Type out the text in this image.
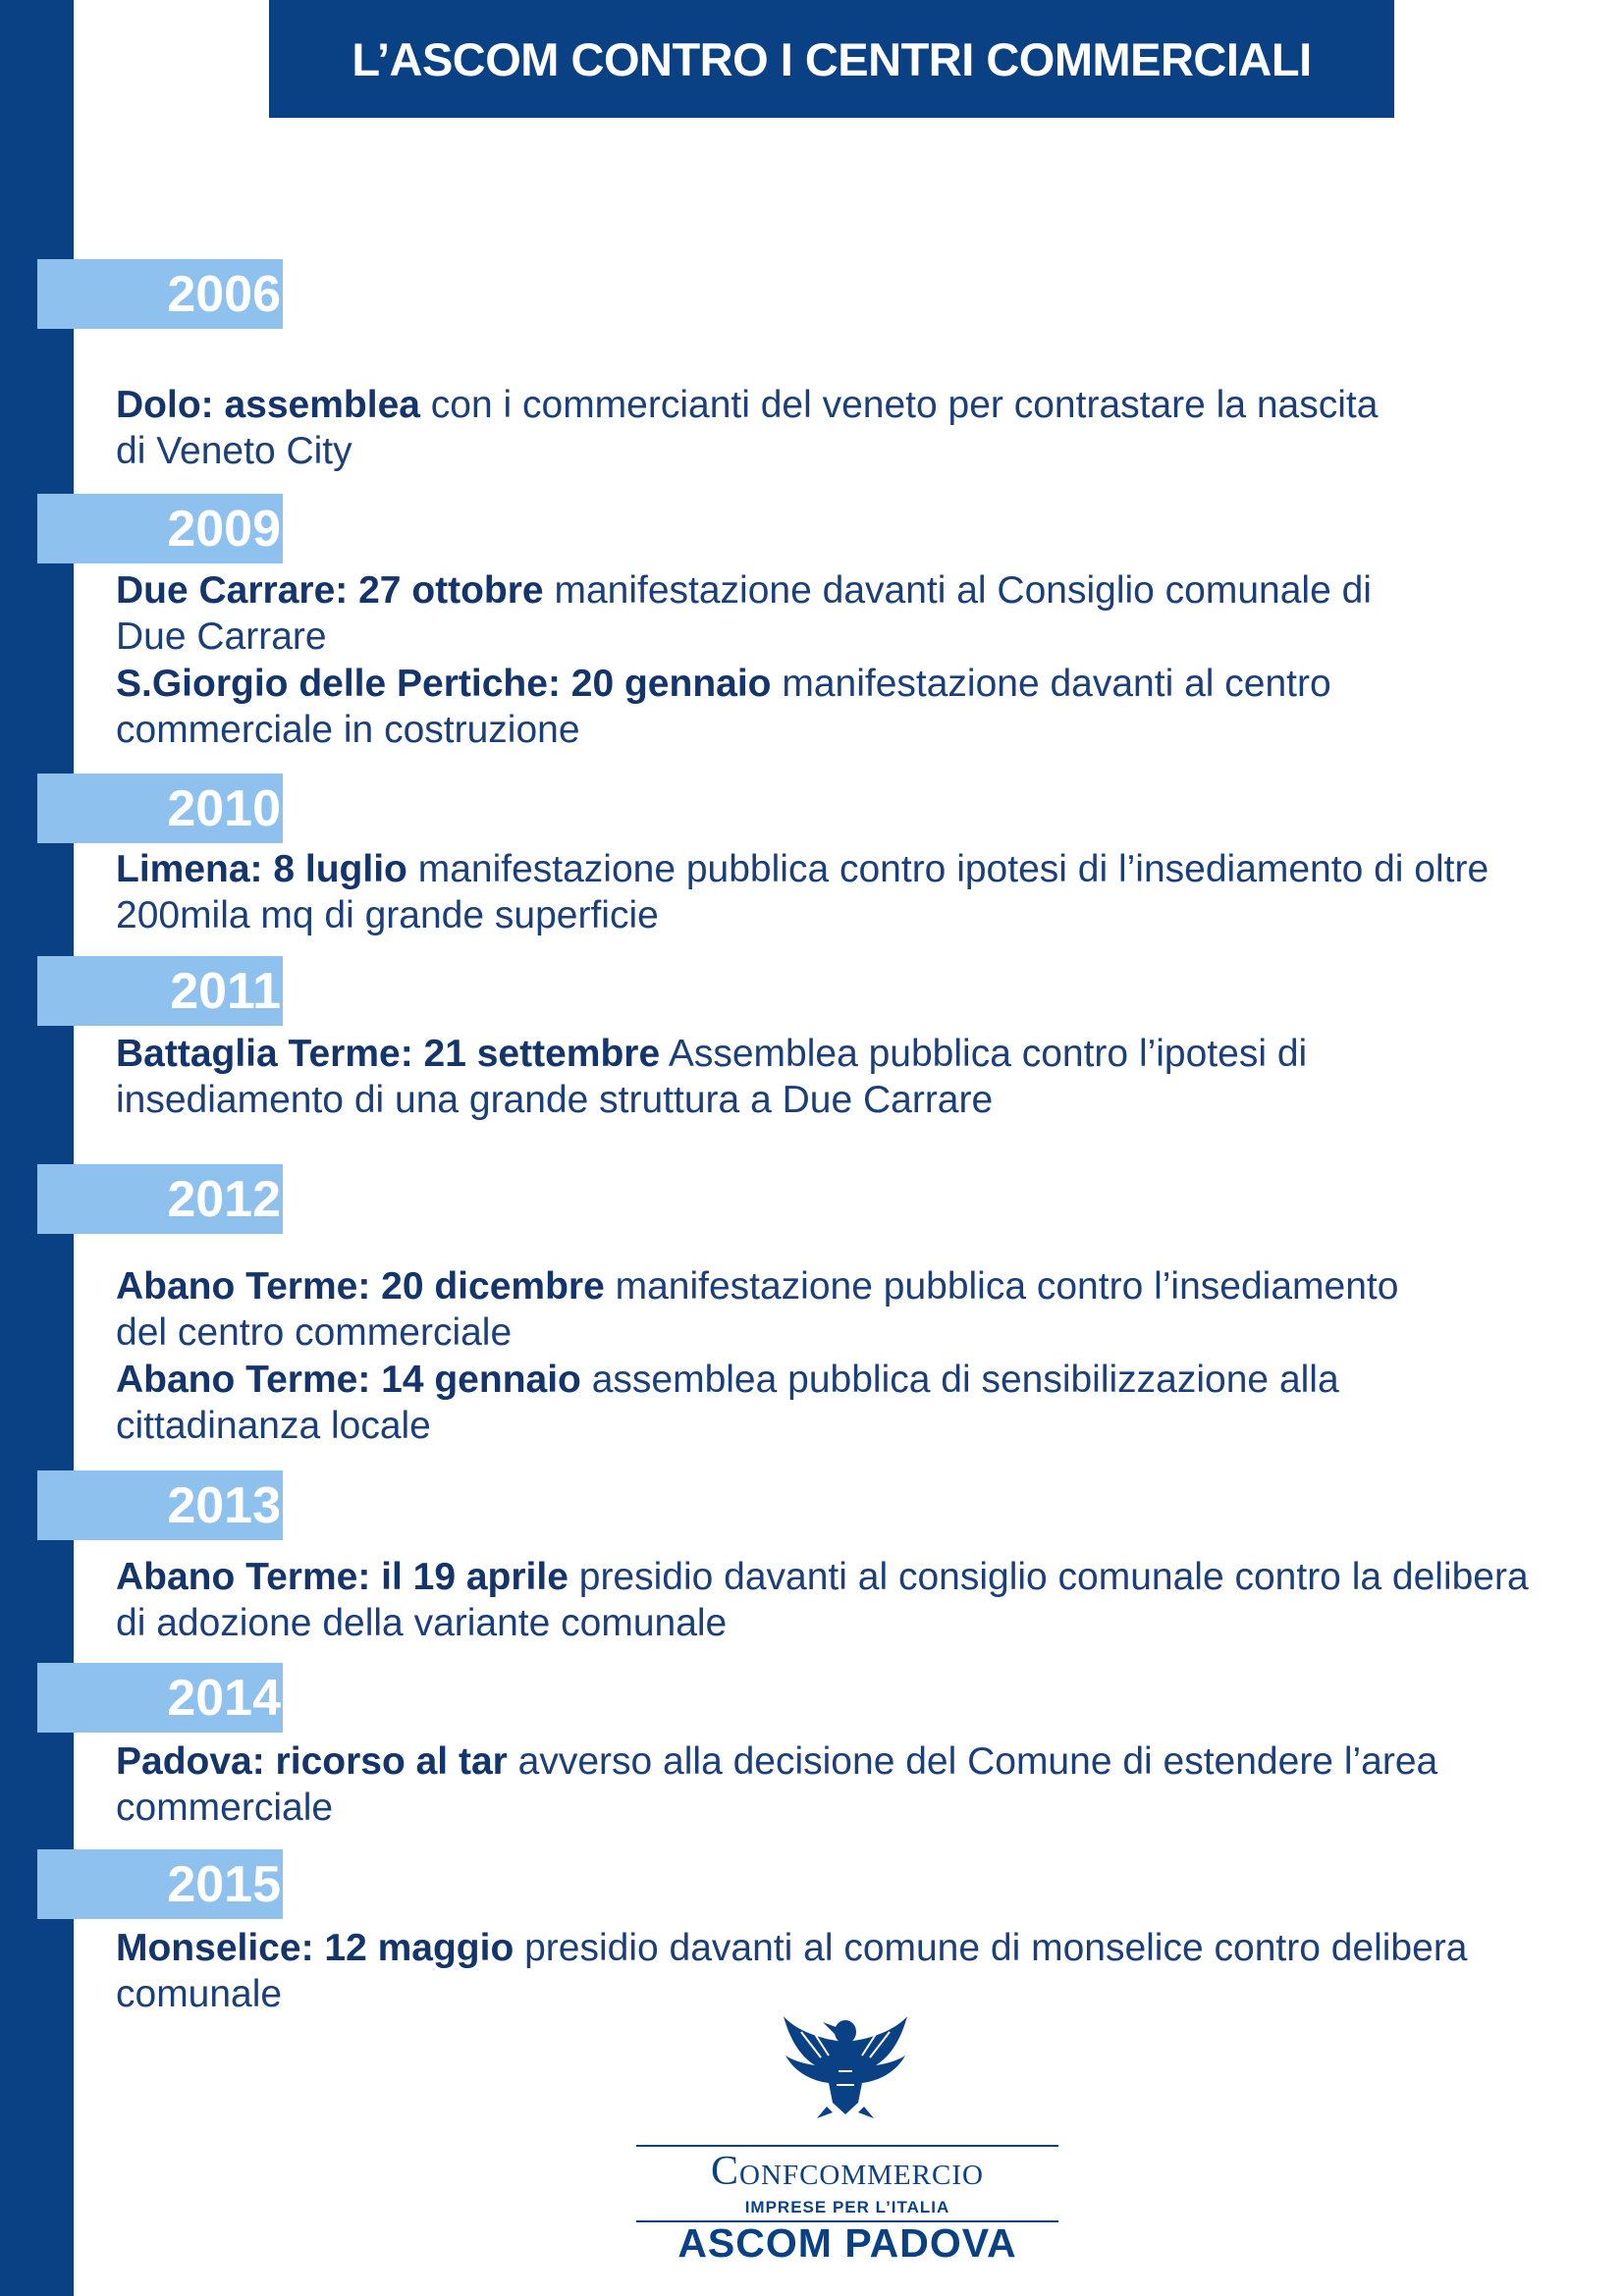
L’ASCOM CONTRO I CENTRI COMMERCIALI
2006
Dolo: assemblea con i commercianti del veneto per contrastare la nascita
di Veneto City
2009
Due Carrare: 27 ottobre manifestazione davanti al Consiglio comunale di
Due Carrare
S.Giorgio delle Pertiche: 20 gennaio manifestazione davanti al centro
commerciale in costruzione
2010
Limena: 8 luglio manifestazione pubblica contro ipotesi di l’insediamento di oltre
200mila mq di grande superficie
2011
Battaglia Terme: 21 settembre Assemblea pubblica contro l’ipotesi di
insediamento di una grande struttura a Due Carrare
2012
Abano Terme: 20 dicembre manifestazione pubblica contro l’insediamento
del centro commerciale
Abano Terme: 14 gennaio assemblea pubblica di sensibilizzazione alla
cittadinanza locale
2013
Abano Terme: il 19 aprile presidio davanti al consiglio comunale contro la delibera
di adozione della variante comunale
2014
Padova: ricorso al tar avverso alla decisione del Comune di estendere l’area
commerciale
2015
Monselice: 12 maggio presidio davanti al comune di monselice contro delibera
comunale
Confcommercio
IMPRESE PER L’ITALIA
ASCOM PADOVA
